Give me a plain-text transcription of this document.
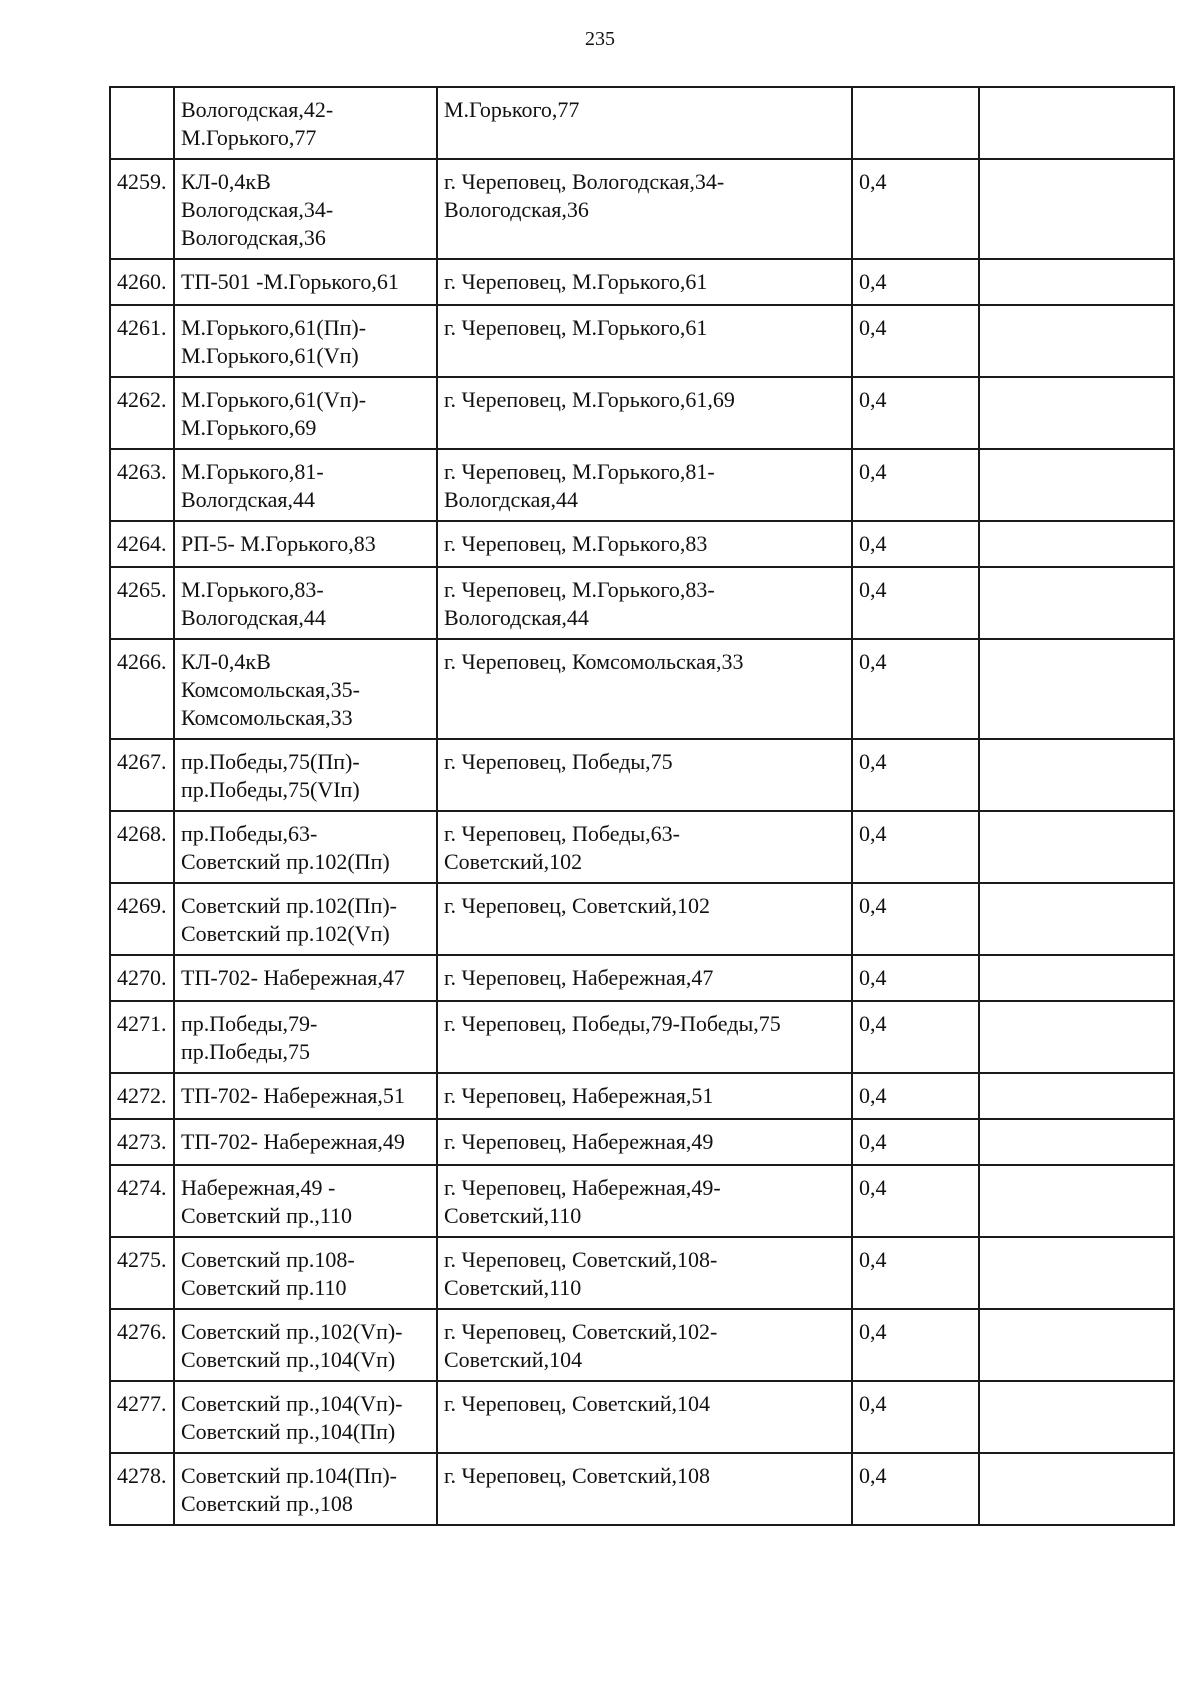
235
	Вологодская,42-
М.Горького,77	М.Горького,77		
4259.	КЛ-0,4кВ
Вологодская,34-
Вологодская,36	г. Череповец, Вологодская,34-
Вологодская,36	0,4	
4260.	ТП-501 -М.Горького,61	г. Череповец, М.Горького,61	0,4	
4261.	М.Горького,61(Пп)-
М.Горького,61(Vп)	г. Череповец, М.Горького,61	0,4	
4262.	М.Горького,61(Vп)-
М.Горького,69	г. Череповец, М.Горького,61,69	0,4	
4263.	М.Горького,81-
Вологдская,44	г. Череповец, М.Горького,81-
Вологдская,44	0,4	
4264.	РП-5- М.Горького,83	г. Череповец, М.Горького,83	0,4	
4265.	М.Горького,83-
Вологодская,44	г. Череповец, М.Горького,83-
Вологодская,44	0,4	
4266.	КЛ-0,4кВ
Комсомольская,35-
Комсомольская,33	г. Череповец, Комсомольская,33	0,4	
4267.	пр.Победы,75(Пп)-
пр.Победы,75(VIп)	г. Череповец, Победы,75	0,4	
4268.	пр.Победы,63-
Советский пр.102(Пп)	г. Череповец, Победы,63-
Советский,102	0,4	
4269.	Советский пр.102(Пп)-
Советский пр.102(Vп)	г. Череповец, Советский,102	0,4	
4270.	ТП-702- Набережная,47	г. Череповец, Набережная,47	0,4	
4271.	пр.Победы,79-
пр.Победы,75	г. Череповец, Победы,79-Победы,75	0,4	
4272.	ТП-702- Набережная,51	г. Череповец, Набережная,51	0,4	
4273.	ТП-702- Набережная,49	г. Череповец, Набережная,49	0,4	
4274.	Набережная,49 -
Советский пр.,110	г. Череповец, Набережная,49-
Советский,110	0,4	
4275.	Советский пр.108-
Советский пр.110	г. Череповец, Советский,108-
Советский,110	0,4	
4276.	Советский пр.,102(Vп)-
Советский пр.,104(Vп)	г. Череповец, Советский,102-
Советский,104	0,4	
4277.	Советский пр.,104(Vп)-
Советский пр.,104(Пп)	г. Череповец, Советский,104	0,4	
4278.	Советский пр.104(Пп)-
Советский пр.,108	г. Череповец, Советский,108	0,4	
